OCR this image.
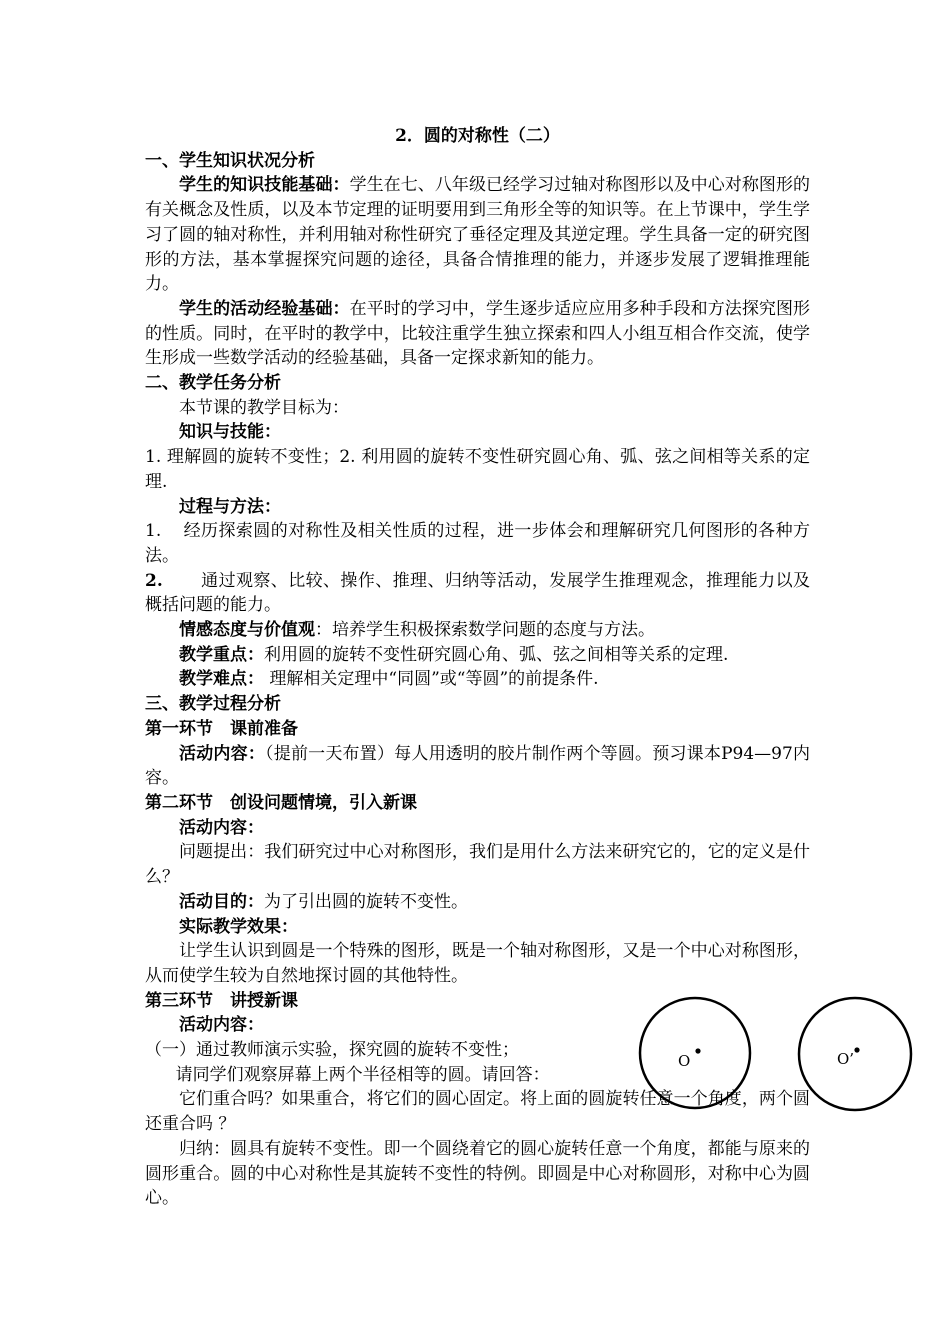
2．圆的对称性（二）
一、学生知识状况分析
学生的知识技能基础：学生在七、八年级已经学习过轴对称图形以及中心对称图形的有关概念及性质，以及本节定理的证明要用到三角形全等的知识等。在上节课中，学生学习了圆的轴对称性，并利用轴对称性研究了垂径定理及其逆定理。学生具备一定的研究图形的方法，基本掌握探究问题的途径，具备合情推理的能力，并逐步发展了逻辑推理能力。
学生的活动经验基础：在平时的学习中，学生逐步适应应用多种手段和方法探究图形的性质。同时，在平时的教学中，比较注重学生独立探索和四人小组互相合作交流，使学生形成一些数学活动的经验基础，具备一定探求新知的能力。
二、教学任务分析
本节课的教学目标为：
知识与技能：
1. 理解圆的旋转不变性；2. 利用圆的旋转不变性研究圆心角、弧、弦之间相等关系的定理.
过程与方法：
1. 经历探索圆的对称性及相关性质的过程，进一步体会和理解研究几何图形的各种方法。
2. 通过观察、比较、操作、推理、归纳等活动，发展学生推理观念，推理能力以及概括问题的能力。
情感态度与价值观：培养学生积极探索数学问题的态度与方法。
教学重点：利用圆的旋转不变性研究圆心角、弧、弦之间相等关系的定理.
教学难点： 理解相关定理中“同圆”或“等圆”的前提条件.
三、教学过程分析
第一环节　课前准备
活动内容：（提前一天布置）每人用透明的胶片制作两个等圆。预习课本P94—97内容。
第二环节　创设问题情境，引入新课
活动内容：
问题提出：我们研究过中心对称图形，我们是用什么方法来研究它的，它的定义是什么？
活动目的：为了引出圆的旋转不变性。
实际教学效果：
让学生认识到圆是一个特殊的图形，既是一个轴对称图形，又是一个中心对称图形，从而使学生较为自然地探讨圆的其他特性。
第三环节　讲授新课
活动内容：
（一）通过教师演示实验，探究圆的旋转不变性；
请同学们观察屏幕上两个半径相等的圆。请回答：
它们重合吗？如果重合，将它们的圆心固定。将上面的圆旋转任意一个角度，两个圆还重合吗 ？
归纳：圆具有旋转不变性。即一个圆绕着它的圆心旋转任意一个角度，都能与原来的圆形重合。圆的中心对称性是其旋转不变性的特例。即圆是中心对称圆形，对称中心为圆心。
O	O’
